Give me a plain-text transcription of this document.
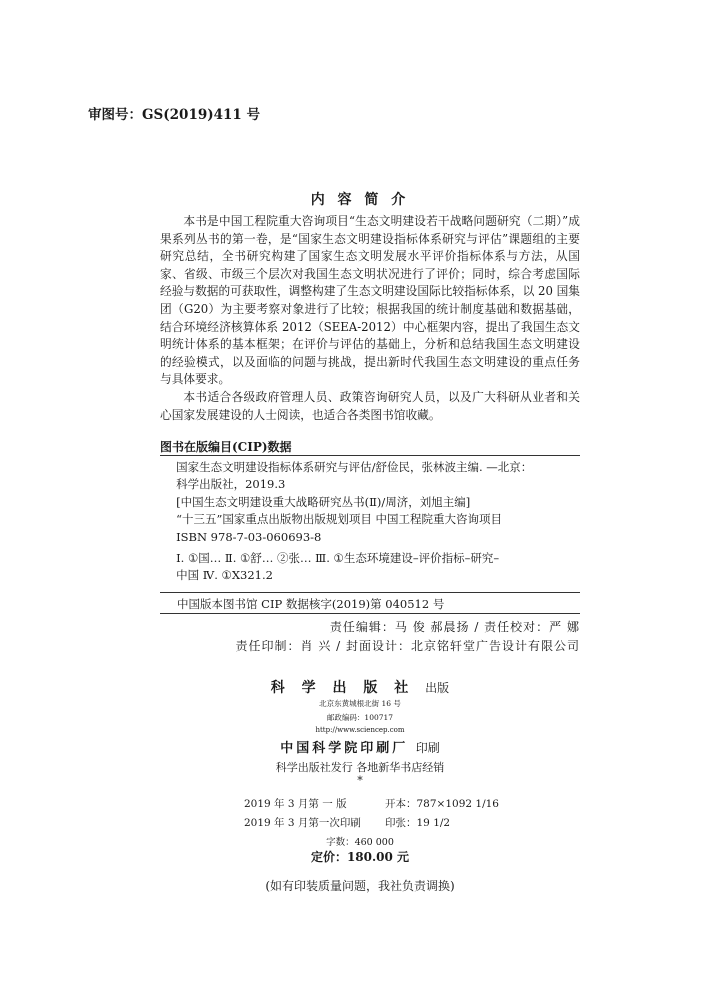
审图号：GS(2019)411 号
内 容 简 介

本书是中国工程院重大咨询项目“生态文明建设若干战略问题研究（二期）”成果系列丛书的第一卷，是“国家生态文明建设指标体系研究与评估”课题组的主要研究总结，全书研究构建了国家生态文明发展水平评价指标体系与方法，从国家、省级、市级三个层次对我国生态文明状况进行了评价；同时，综合考虑国际经验与数据的可获取性，调整构建了生态文明建设国际比较指标体系，以 20 国集团（G20）为主要考察对象进行了比较；根据我国的统计制度基础和数据基础，结合环境经济核算体系 2012（SEEA-2012）中心框架内容，提出了我国生态文明统计体系的基本框架；在评价与评估的基础上，分析和总结我国生态文明建设的经验模式，以及面临的问题与挑战，提出新时代我国生态文明建设的重点任务与具体要求。

本书适合各级政府管理人员、政策咨询研究人员，以及广大科研从业者和关心国家发展建设的人士阅读，也适合各类图书馆收藏。

图书在版编目(CIP)数据
国家生态文明建设指标体系研究与评估/舒俭民，张林波主编. —北京：
科学出版社，2019.3
[中国生态文明建设重大战略研究丛书(Ⅱ)/周济，刘旭主编]
“十三五”国家重点出版物出版规划项目 中国工程院重大咨询项目
ISBN 978-7-03-060693-8
Ⅰ. ①国… Ⅱ. ①舒… ②张… Ⅲ. ①生态环境建设–评价指标–研究–
中国 Ⅳ. ①X321.2
中国版本图书馆 CIP 数据核字(2019)第 040512 号
责任编辑：马 俊 郝晨扬 / 责任校对：严 娜
责任印制：肖 兴 / 封面设计：北京铭轩堂广告设计有限公司
科 学 出 版 社 出版
北京东黄城根北街 16 号
邮政编码：100717
http://www.sciencep.com
中国科学院印刷厂 印刷
科学出版社发行 各地新华书店经销
*
2019 年 3 月第 一 版	开本：787×1092 1/16
2019 年 3 月第一次印刷 印张：19 1/2
字数：460 000
定价：180.00 元
(如有印装质量问题，我社负责调换)
